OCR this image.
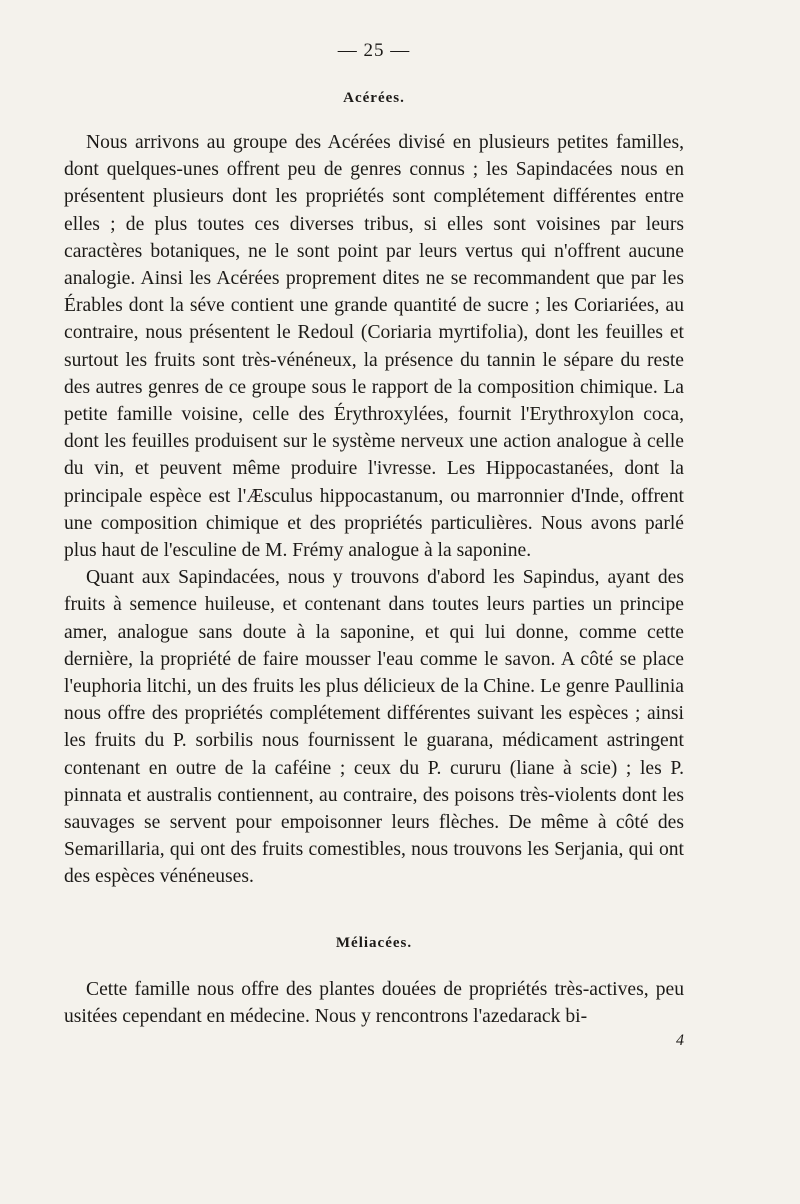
— 25 —
Acérées.

Nous arrivons au groupe des Acérées divisé en plusieurs petites familles, dont quelques-unes offrent peu de genres connus ; les Sapindacées nous en présentent plusieurs dont les propriétés sont complétement différentes entre elles ; de plus toutes ces diverses tribus, si elles sont voisines par leurs caractères botaniques, ne le sont point par leurs vertus qui n'offrent aucune analogie. Ainsi les Acérées proprement dites ne se recommandent que par les Érables dont la séve contient une grande quantité de sucre ; les Coriariées, au contraire, nous présentent le Redoul (Coriaria myrtifolia), dont les feuilles et surtout les fruits sont très-vénéneux, la présence du tannin le sépare du reste des autres genres de ce groupe sous le rapport de la composition chimique. La petite famille voisine, celle des Érythroxylées, fournit l'Erythroxylon coca, dont les feuilles produisent sur le système nerveux une action analogue à celle du vin, et peuvent même produire l'ivresse. Les Hippocastanées, dont la principale espèce est l'Æsculus hippocastanum, ou marronnier d'Inde, offrent une composition chimique et des propriétés particulières. Nous avons parlé plus haut de l'esculine de M. Frémy analogue à la saponine.

Quant aux Sapindacées, nous y trouvons d'abord les Sapindus, ayant des fruits à semence huileuse, et contenant dans toutes leurs parties un principe amer, analogue sans doute à la saponine, et qui lui donne, comme cette dernière, la propriété de faire mousser l'eau comme le savon. A côté se place l'euphoria litchi, un des fruits les plus délicieux de la Chine. Le genre Paullinia nous offre des propriétés complétement différentes suivant les espèces ; ainsi les fruits du P. sorbilis nous fournissent le guarana, médicament astringent contenant en outre de la caféine ; ceux du P. cururu (liane à scie) ; les P. pinnata et australis contiennent, au contraire, des poisons très-violents dont les sauvages se servent pour empoisonner leurs flèches. De même à côté des Semarillaria, qui ont des fruits comestibles, nous trouvons les Serjania, qui ont des espèces vénéneuses.

Méliacées.

Cette famille nous offre des plantes douées de propriétés très-actives, peu usitées cependant en médecine. Nous y rencontrons l'azedarack bi-

4
